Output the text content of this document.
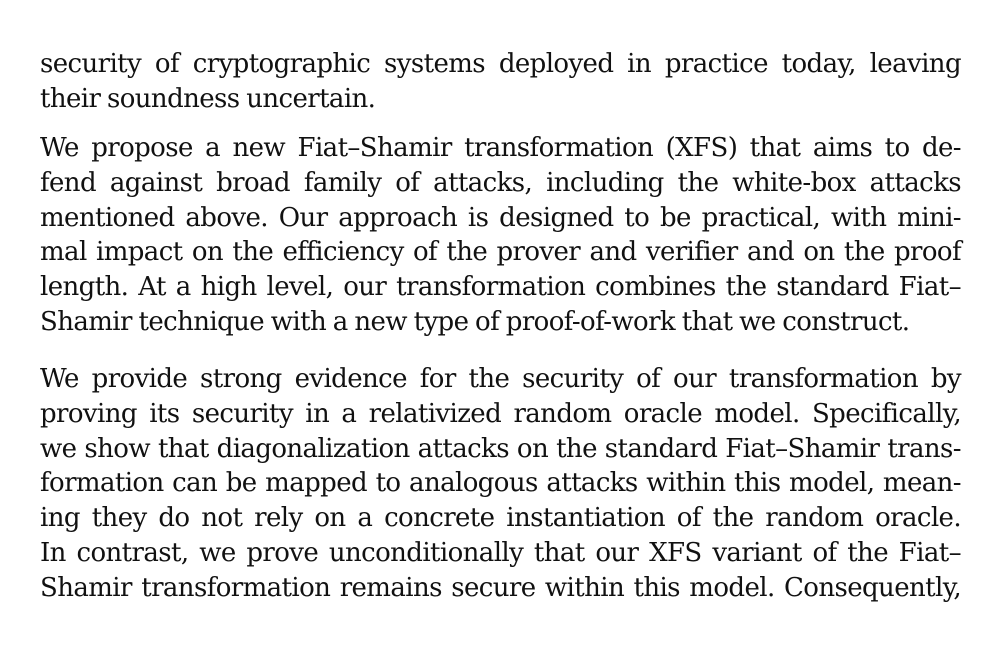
security of cryptographic systems deployed in practice today, leaving
their soundness uncertain.

We propose a new Fiat–Shamir transformation (XFS) that aims to de-
fend against broad family of attacks, including the white-box attacks
mentioned above. Our approach is designed to be practical, with mini-
mal impact on the efficiency of the prover and verifier and on the proof
length. At a high level, our transformation combines the standard Fiat–
Shamir technique with a new type of proof-of-work that we construct.

We provide strong evidence for the security of our transformation by
proving its security in a relativized random oracle model. Specifically,
we show that diagonalization attacks on the standard Fiat–Shamir trans-
formation can be mapped to analogous attacks within this model, mean-
ing they do not rely on a concrete instantiation of the random oracle.
In contrast, we prove unconditionally that our XFS variant of the Fiat–
Shamir transformation remains secure within this model. Consequently,
